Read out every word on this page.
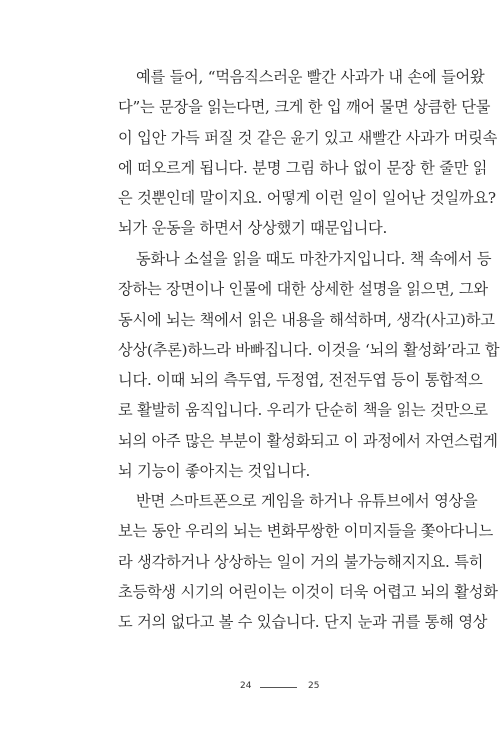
예를 들어, “먹음직스러운 빨간 사과가 내 손에 들어왔
다”는 문장을 읽는다면, 크게 한 입 깨어 물면 상큼한 단물
이 입안 가득 퍼질 것 같은 윤기 있고 새빨간 사과가 머릿속
에 떠오르게 됩니다. 분명 그림 하나 없이 문장 한 줄만 읽
은 것뿐인데 말이지요. 어떻게 이런 일이 일어난 것일까요?
뇌가 운동을 하면서 상상했기 때문입니다.
동화나 소설을 읽을 때도 마찬가지입니다. 책 속에서 등
장하는 장면이나 인물에 대한 상세한 설명을 읽으면, 그와
동시에 뇌는 책에서 읽은 내용을 해석하며, 생각(사고)하고
상상(추론)하느라 바빠집니다. 이것을 ‘뇌의 활성화’라고 합
니다. 이때 뇌의 측두엽, 두정엽, 전전두엽 등이 통합적으
로 활발히 움직입니다. 우리가 단순히 책을 읽는 것만으로
뇌의 아주 많은 부분이 활성화되고 이 과정에서 자연스럽게
뇌 기능이 좋아지는 것입니다.
반면 스마트폰으로 게임을 하거나 유튜브에서 영상을
보는 동안 우리의 뇌는 변화무쌍한 이미지들을 쫓아다니느
라 생각하거나 상상하는 일이 거의 불가능해지지요. 특히
초등학생 시기의 어린이는 이것이 더욱 어렵고 뇌의 활성화
도 거의 없다고 볼 수 있습니다. 단지 눈과 귀를 통해 영상
24	25
